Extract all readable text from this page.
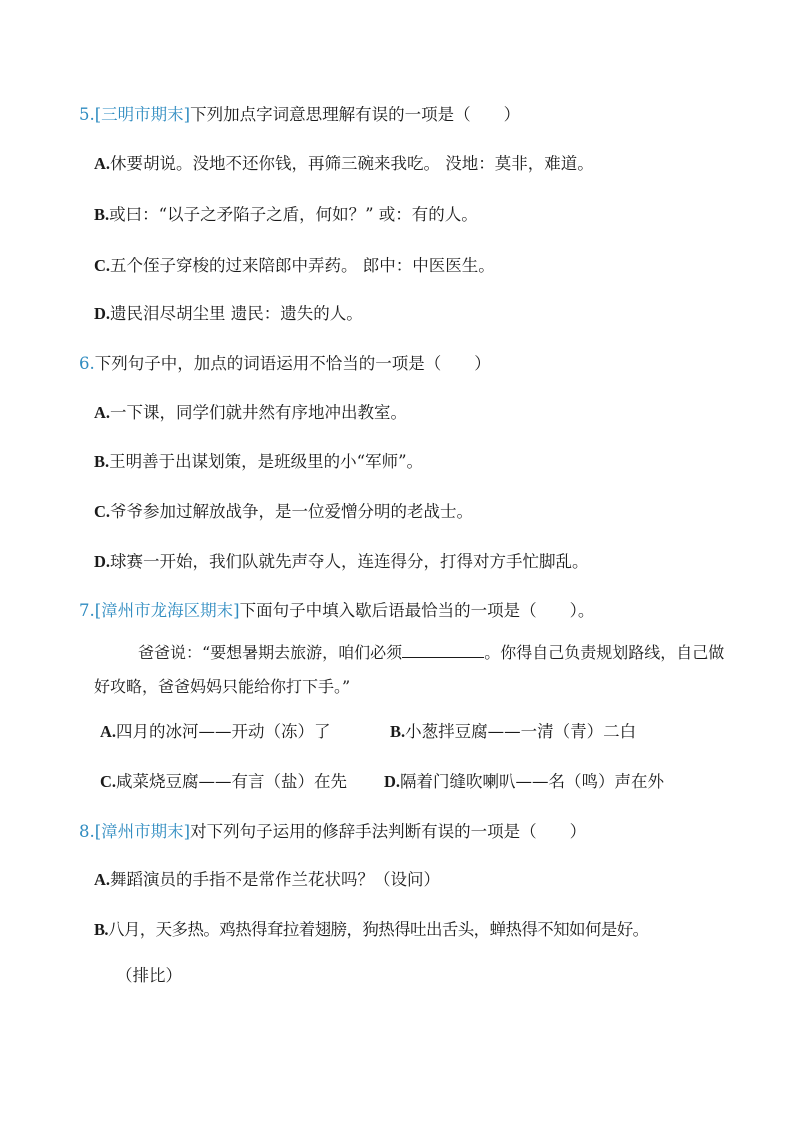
5.[三明市期末]下列加点字词意思理解有误的一项是（　　）
A.休要胡说。没地不还你钱，再筛三碗来我吃。 没地：莫非，难道。
B.或曰：“以子之矛陷子之盾，何如？” 或：有的人。
C.五个侄子穿梭的过来陪郎中弄药。 郎中：中医医生。
D.遗民泪尽胡尘里 遗民：遗失的人。
6.下列句子中，加点的词语运用不恰当的一项是（　　）
A.一下课，同学们就井然有序地冲出教室。
B.王明善于出谋划策，是班级里的小“军师”。
C.爷爷参加过解放战争，是一位爱憎分明的老战士。
D.球赛一开始，我们队就先声夺人，连连得分，打得对方手忙脚乱。
7.[漳州市龙海区期末]下面句子中填入歇后语最恰当的一项是（　　）。
爸爸说：“要想暑期去旅游，咱们必须	。你得自己负责规划路线，自己做好攻略，爸爸妈妈只能给你打下手。”
A.四月的冰河——开动（冻）了	B.小葱拌豆腐——一清（青）二白
C.咸菜烧豆腐——有言（盐）在先 D.隔着门缝吹喇叭——名（鸣）声在外
8.[漳州市期末]对下列句子运用的修辞手法判断有误的一项是（　　）
A.舞蹈演员的手指不是常作兰花状吗？（设问）
B.八月，天多热。鸡热得耷拉着翅膀，狗热得吐出舌头，蝉热得不知如何是好。
（排比）
